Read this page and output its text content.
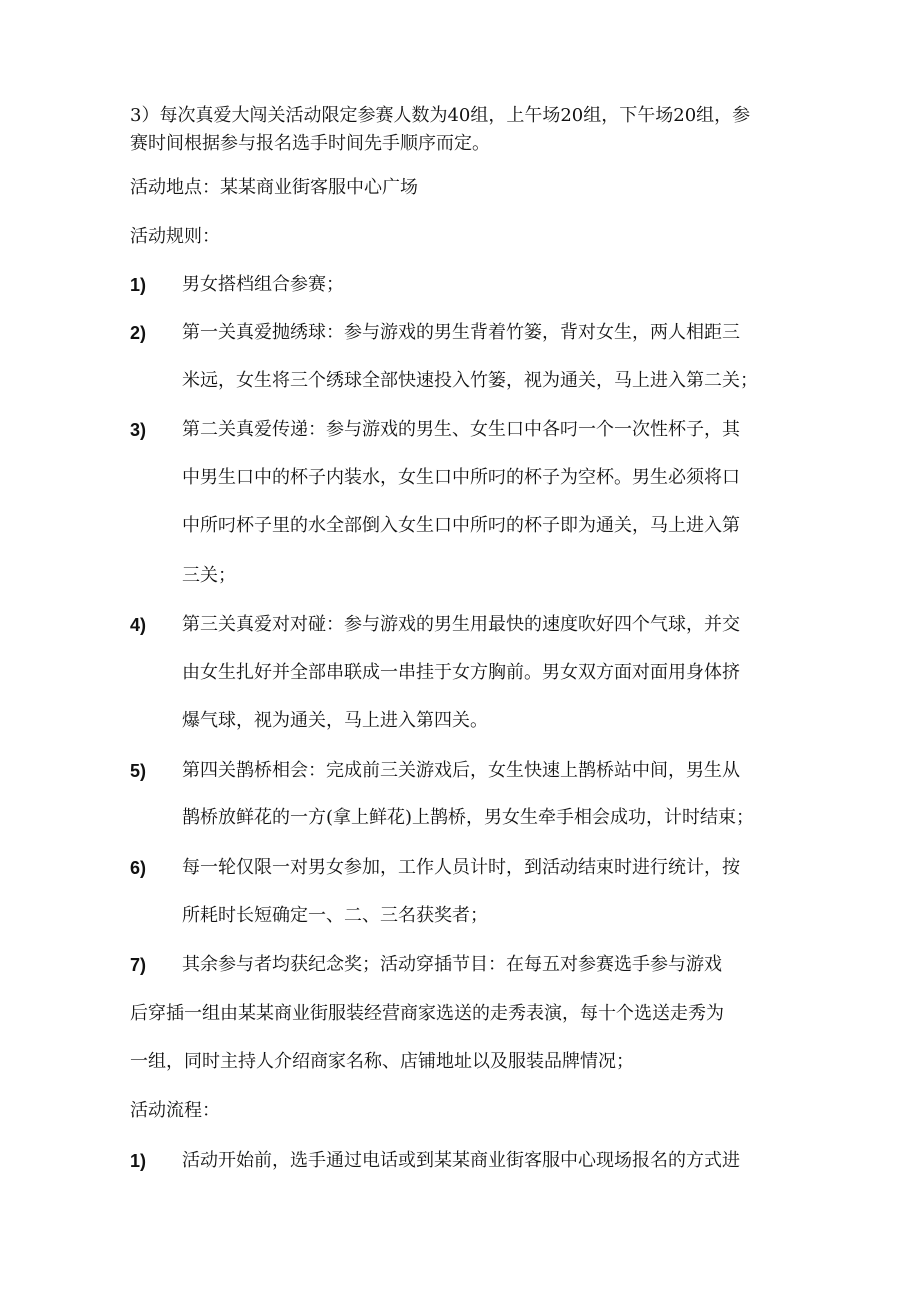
3）每次真爱大闯关活动限定参赛人数为40组，上午场20组，下午场20组，参
赛时间根据参与报名选手时间先手顺序而定。
活动地点：某某商业街客服中心广场
活动规则：
1) 男女搭档组合参赛；
2) 第一关真爱抛绣球：参与游戏的男生背着竹篓，背对女生，两人相距三
米远，女生将三个绣球全部快速投入竹篓，视为通关，马上进入第二关；
3) 第二关真爱传递：参与游戏的男生、女生口中各叼一个一次性杯子，其
中男生口中的杯子内装水，女生口中所叼的杯子为空杯。男生必须将口
中所叼杯子里的水全部倒入女生口中所叼的杯子即为通关，马上进入第
三关；
4) 第三关真爱对对碰：参与游戏的男生用最快的速度吹好四个气球，并交
由女生扎好并全部串联成一串挂于女方胸前。男女双方面对面用身体挤
爆气球，视为通关，马上进入第四关。
5) 第四关鹊桥相会：完成前三关游戏后，女生快速上鹊桥站中间，男生从
鹊桥放鲜花的一方(拿上鲜花)上鹊桥，男女生牵手相会成功，计时结束；
6) 每一轮仅限一对男女参加，工作人员计时，到活动结束时进行统计，按
所耗时长短确定一、二、三名获奖者；
7) 其余参与者均获纪念奖；活动穿插节目：在每五对参赛选手参与游戏
后穿插一组由某某商业街服装经营商家选送的走秀表演，每十个选送走秀为
一组，同时主持人介绍商家名称、店铺地址以及服装品牌情况；
活动流程：
1) 活动开始前，选手通过电话或到某某商业街客服中心现场报名的方式进
